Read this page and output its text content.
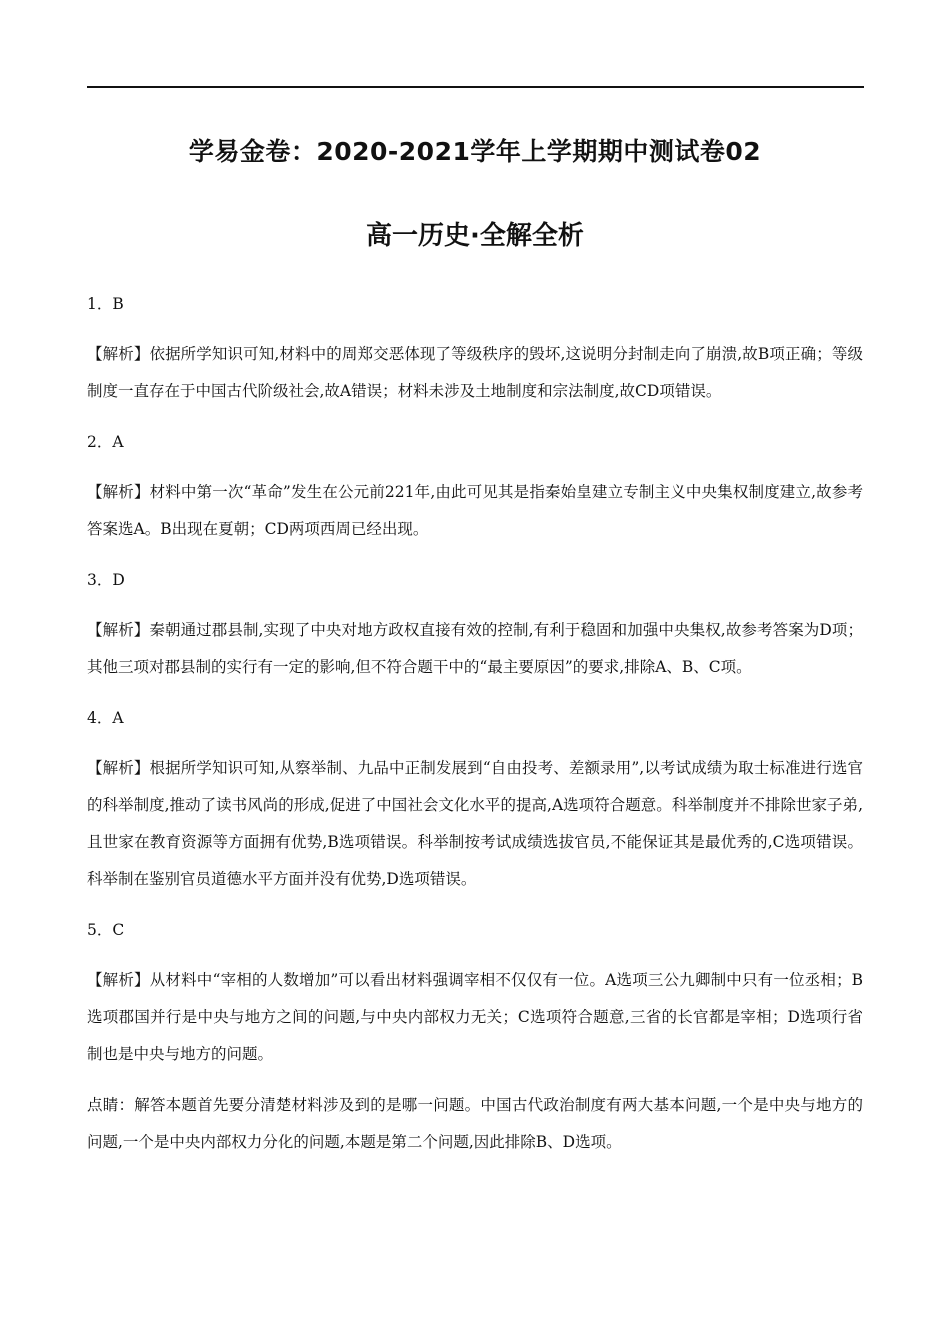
学易金卷：2020-2021学年上学期期中测试卷02
高一历史·全解全析

1．B

【解析】依据所学知识可知,材料中的周郑交恶体现了等级秩序的毁坏,这说明分封制走向了崩溃,故B项正确；等级制度一直存在于中国古代阶级社会,故A错误；材料未涉及土地制度和宗法制度,故CD项错误。

2．A

【解析】材料中第一次“革命”发生在公元前221年,由此可见其是指秦始皇建立专制主义中央集权制度建立,故参考答案选A。B出现在夏朝；CD两项西周已经出现。

3．D

【解析】秦朝通过郡县制,实现了中央对地方政权直接有效的控制,有利于稳固和加强中央集权,故参考答案为D项；其他三项对郡县制的实行有一定的影响,但不符合题干中的“最主要原因”的要求,排除A、B、C项。

4．A

【解析】根据所学知识可知,从察举制、九品中正制发展到“自由投考、差额录用”,以考试成绩为取士标准进行选官的科举制度,推动了读书风尚的形成,促进了中国社会文化水平的提高,A选项符合题意。科举制度并不排除世家子弟,且世家在教育资源等方面拥有优势,B选项错误。科举制按考试成绩选拔官员,不能保证其是最优秀的,C选项错误。科举制在鉴别官员道德水平方面并没有优势,D选项错误。

5．C

【解析】从材料中“宰相的人数增加”可以看出材料强调宰相不仅仅有一位。A选项三公九卿制中只有一位丞相；B选项郡国并行是中央与地方之间的问题,与中央内部权力无关；C选项符合题意,三省的长官都是宰相；D选项行省制也是中央与地方的问题。

点睛：解答本题首先要分清楚材料涉及到的是哪一问题。中国古代政治制度有两大基本问题,一个是中央与地方的问题,一个是中央内部权力分化的问题,本题是第二个问题,因此排除B、D选项。
